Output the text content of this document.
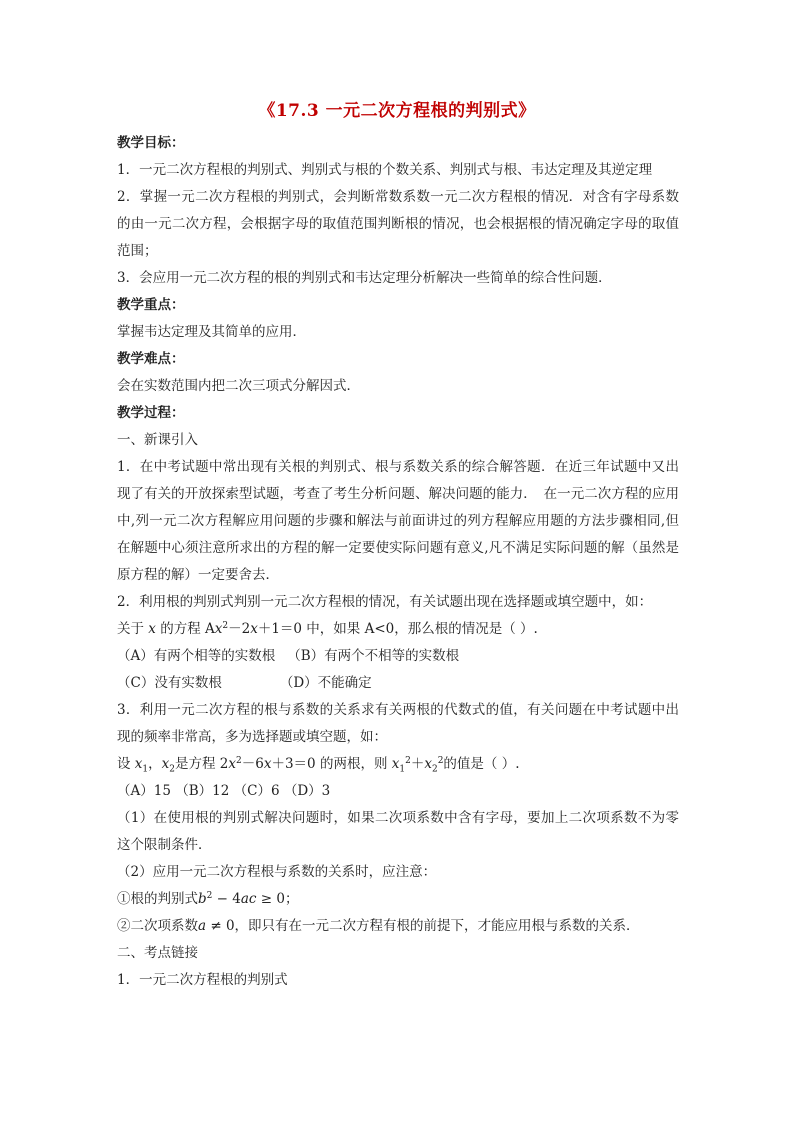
《17.3 一元二次方程根的判别式》
教学目标：
1．一元二次方程根的判别式、判别式与根的个数关系、判别式与根、韦达定理及其逆定理
2．掌握一元二次方程根的判别式，会判断常数系数一元二次方程根的情况．对含有字母系数的由一元二次方程，会根据字母的取值范围判断根的情况，也会根据根的情况确定字母的取值范围；
3．会应用一元二次方程的根的判别式和韦达定理分析解决一些简单的综合性问题．
教学重点：
掌握韦达定理及其简单的应用．
教学难点：
会在实数范围内把二次三项式分解因式．
教学过程：
一、新课引入
1．在中考试题中常出现有关根的判别式、根与系数关系的综合解答题．在近三年试题中又出现了有关的开放探索型试题，考查了考生分析问题、解决问题的能力．　在一元二次方程的应用中,列一元二次方程解应用问题的步骤和解法与前面讲过的列方程解应用题的方法步骤相同,但在解题中心须注意所求出的方程的解一定要使实际问题有意义,凡不满足实际问题的解（虽然是原方程的解）一定要舍去．
2．利用根的判别式判别一元二次方程根的情况，有关试题出现在选择题或填空题中，如：
关于 x 的方程 $Ax^2-2x+1=0$ 中，如果 A<0，那么根的情况是（ ）.
（A）有两个相等的实数根 （B）有两个不相等的实数根
（C）没有实数根	（D）不能确定
3．利用一元二次方程的根与系数的关系求有关两根的代数式的值，有关问题在中考试题中出现的频率非常高，多为选择题或填空题，如：
设 $x_1$，$x_2$是方程 $2x^2-6x+3=0$ 的两根，则 $x_1^2+x_2^2$的值是（ ）.
（A）15 （B）12 （C）6 （D）3
（1）在使用根的判别式解决问题时，如果二次项系数中含有字母，要加上二次项系数不为零这个限制条件．
（2）应用一元二次方程根与系数的关系时，应注意：
①根的判别式$b^2 - 4ac \ge 0$；
②二次项系数a ≠ 0，即只有在一元二次方程有根的前提下，才能应用根与系数的关系．
二、考点链接
1．一元二次方程根的判别式
